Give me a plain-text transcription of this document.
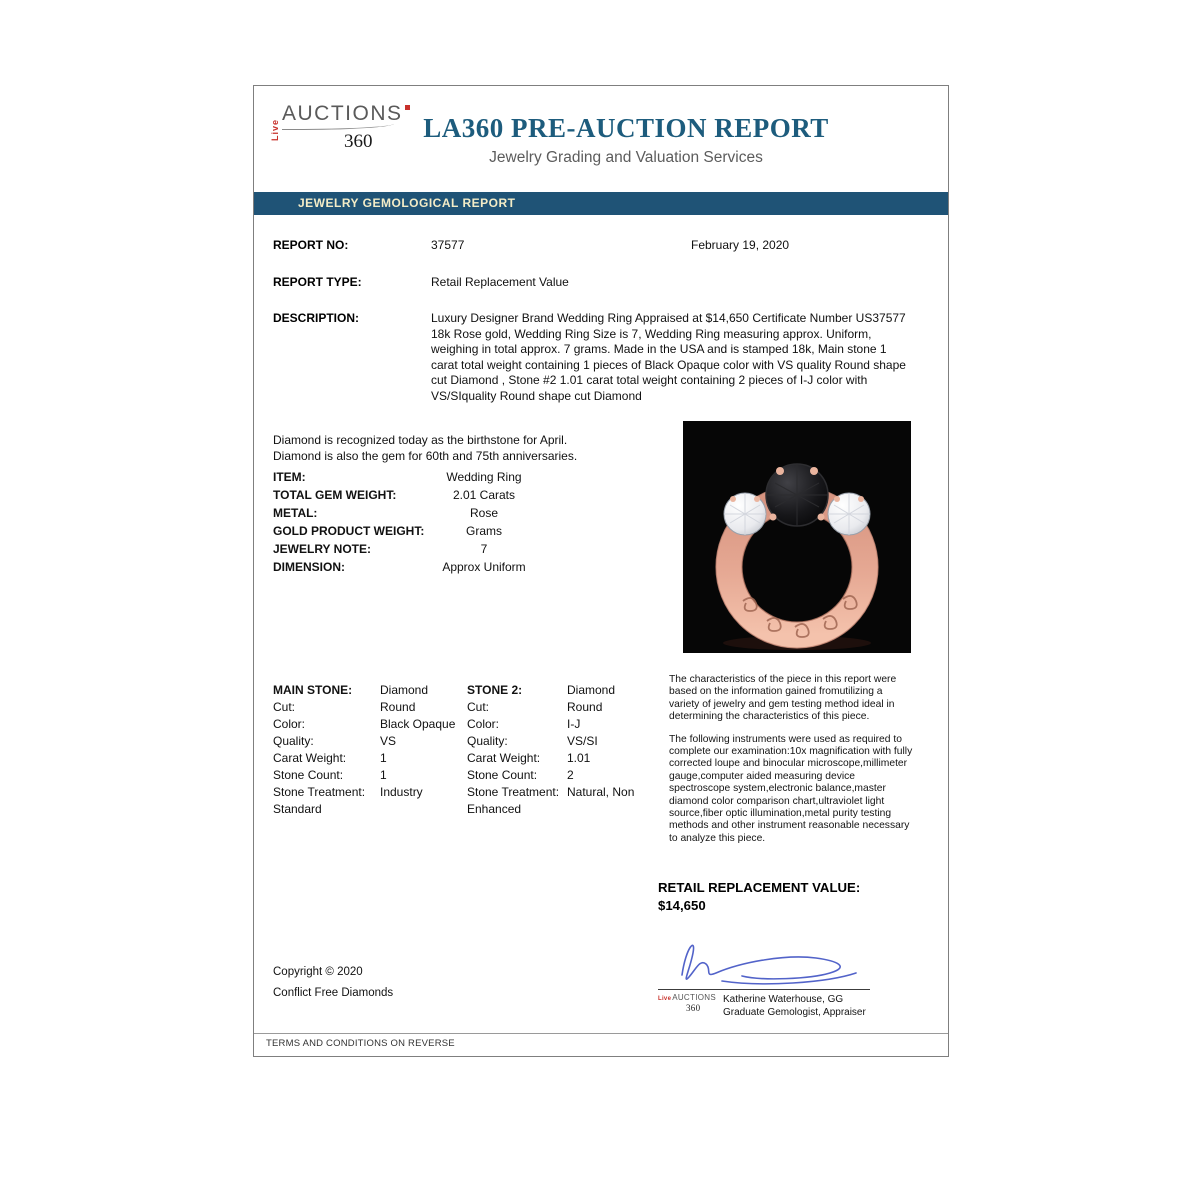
Live
AUCTIONS
360	LA360 PRE-AUCTION REPORT
Jewelry Grading and Valuation Services
JEWELRY GEMOLOGICAL REPORT
REPORT NO:	37577	February 19, 2020
REPORT TYPE:	Retail Replacement Value
DESCRIPTION:	Luxury Designer Brand Wedding Ring Appraised at $14,650 Certificate Number US37577 18k Rose gold, Wedding Ring Size is 7, Wedding Ring measuring approx. Uniform, weighing in total approx. 7 grams. Made in the USA and is stamped 18k, Main stone 1 carat total weight containing 1 pieces of Black Opaque color with VS quality Round shape cut Diamond , Stone #2 1.01 carat total weight containing 2 pieces of I-J color with VS/SIquality Round shape cut Diamond
Diamond is recognized today as the birthstone for April.
Diamond is also the gem for 60th and 75th anniversaries.
ITEM:	Wedding Ring
TOTAL GEM WEIGHT:	2.01 Carats
METAL:	Rose
GOLD PRODUCT WEIGHT:	Grams
JEWELRY NOTE:	7
DIMENSION:	Approx Uniform
MAIN STONE: Diamond
Cut:	Round
Color:	Black Opaque
Quality:	VS
Carat Weight:	1
Stone Count:	1
Stone Treatment: Industry Standard
STONE 2:	Diamond
Cut:	Round
Color:	I-J
Quality:	VS/SI
Carat Weight: 1.01
Stone Count: 2
Stone Treatment: Natural, Non Enhanced

The characteristics of the piece in this report were based on the information gained fromutilizing a variety of jewelry and gem testing method ideal in determining the characteristics of this piece.

The following instruments were used as required to complete our examination:10x magnification with fully corrected loupe and binocular microscope,millimeter gauge,computer aided measuring device spectroscope system,electronic balance,master diamond color comparison chart,ultraviolet light source,fiber optic illumination,metal purity testing methods and other instrument reasonable necessary to analyze this piece.

RETAIL REPLACEMENT VALUE:
$14,650
LiveAUCTIONS
360
Katherine Waterhouse, GG
Graduate Gemologist, Appraiser
Copyright © 2020
Conflict Free Diamonds
TERMS AND CONDITIONS ON REVERSE
